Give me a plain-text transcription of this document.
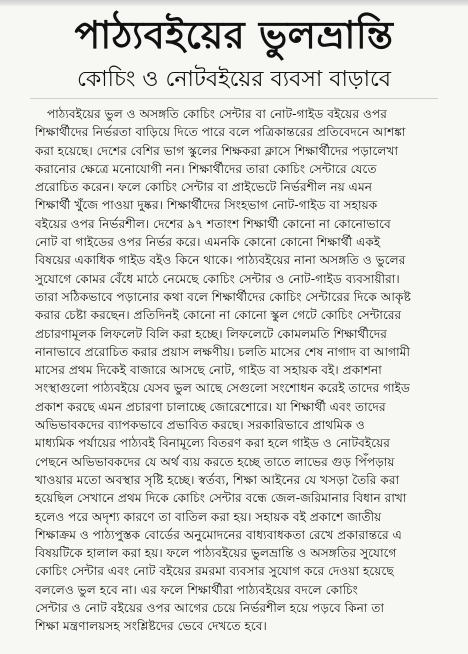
পাঠ্যবইয়ের ভুলভ্রান্তি
কোচিং ও নোটবইয়ের ব্যবসা বাড়াবে
পাঠ্যবইয়ের ভুল ও অসঙ্গতি কোচিং সেন্টার বা নোট-গাইড বইয়ের ওপর
শিক্ষার্থীদের নির্ভরতা বাড়িয়ে দিতে পারে বলে পত্রিকান্তরের প্রতিবেদনে আশঙ্কা
করা হয়েছে। দেশের বেশির ভাগ স্কুলের শিক্ষকরা ক্লাসে শিক্ষার্থীদের পড়ালেখা
করানোর ক্ষেত্রে মনোযোগী নন। শিক্ষার্থীদের তারা কোচিং সেন্টারে যেতে
প্ররোচিত করেন। ফলে কোচিং সেন্টার বা প্রাইভেটে নির্ভরশীল নয় এমন
শিক্ষার্থী খুঁজে পাওয়া দুষ্কর। শিক্ষার্থীদের সিংহভাগ নোট-গাইড বা সহায়ক
বইয়ের ওপর নির্ভরশীল। দেশের ৯৭ শতাংশ শিক্ষার্থী কোনো না কোনোভাবে
নোট বা গাইডের ওপর নির্ভর করে। এমনকি কোনো কোনো শিক্ষার্থী একই
বিষয়ের একাধিক গাইড বইও কিনে থাকে। পাঠ্যবইয়ের নানা অসঙ্গতি ও ভুলের
সুযোগে কোমর বেঁধে মাঠে নেমেছে কোচিং সেন্টার ও নোট-গাইড ব্যবসায়ীরা।
তারা সঠিকভাবে পড়ানোর কথা বলে শিক্ষার্থীদের কোচিং সেন্টারের দিকে আকৃষ্ট
করার চেষ্টা করছেন। প্রতিদিনই কোনো না কোনো স্কুল গেটে কোচিং সেন্টারের
প্রচারণামূলক লিফলেট বিলি করা হচ্ছে। লিফলেটে কোমলমতি শিক্ষার্থীদের
নানাভাবে প্ররোচিত করার প্রয়াস লক্ষণীয়। চলতি মাসের শেষ নাগাদ বা আগামী
মাসের প্রথম দিকেই বাজারে আসছে নোট, গাইড বা সহায়ক বই। প্রকাশনা
সংস্থাগুলো পাঠ্যবইয়ে যেসব ভুল আছে সেগুলো সংশোধন করেই তাদের গাইড
প্রকাশ করছে এমন প্রচারণা চালাচ্ছে জোরেশোরে। যা শিক্ষার্থী এবং তাদের
অভিভাবকদের ব্যাপকভাবে প্রভাবিত করছে। সরকারিভাবে প্রাথমিক ও
মাধ্যমিক পর্যায়ের পাঠ্যবই বিনামূল্যে বিতরণ করা হলে গাইড ও নোটবইয়ের
পেছনে অভিভাবকদের যে অর্থ ব্যয় করতে হচ্ছে তাতে লাভের গুড় পিঁপড়ায়
খাওয়ার মতো অবস্থার সৃষ্টি হচ্ছে। স্বর্তব্য, শিক্ষা আইনের যে খসড়া তৈরি করা
হয়েছিল সেখানে প্রথম দিকে কোচিং সেন্টার বন্ধে জেল-জরিমানার বিধান রাখা
হলেও পরে অদৃশ্য কারণে তা বাতিল করা হয়। সহায়ক বই প্রকাশে জাতীয়
শিক্ষাক্রম ও পাঠ্যপুস্তক বোর্ডের অনুমোদনের বাধ্যবাধকতা রেখে প্রকারান্তরে এ
বিষয়টিকে হালাল করা হয়। ফলে পাঠ্যবইয়ের ভুলভ্রান্তি ও অসঙ্গতির সুযোগে
কোচিং সেন্টার এবং নোট বইয়ের রমরমা ব্যবসার সুযোগ করে দেওয়া হয়েছে
বললেও ভুল হবে না। এর ফলে শিক্ষার্থীরা পাঠ্যবইয়ের বদলে কোচিং
সেন্টার ও নোট বইয়ের ওপর আগের চেয়ে নির্ভরশীল হয়ে পড়বে কিনা তা
শিক্ষা মন্ত্রণালয়সহ সংশ্লিষ্টদের ভেবে দেখতে হবে।
